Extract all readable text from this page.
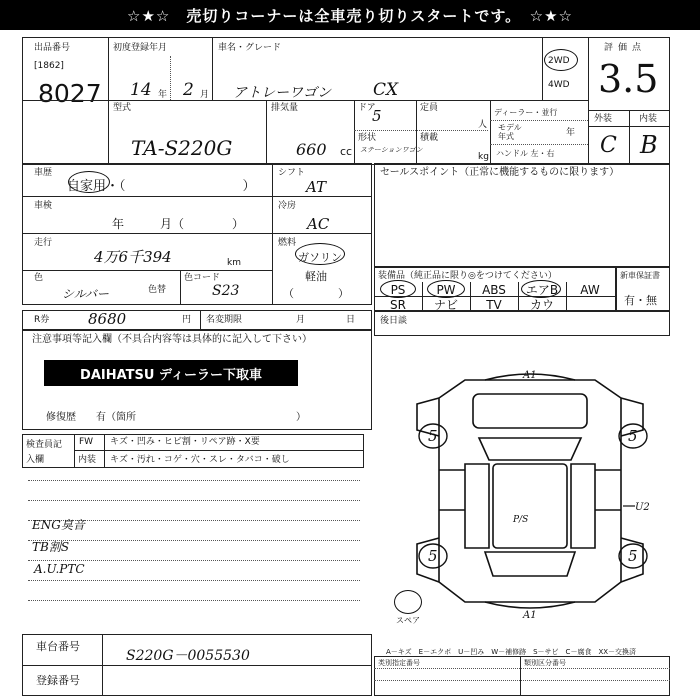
☆★☆　売切りコーナーは全車売り切りスタートです。　☆★☆
出品番号
[1862]
8027 型式
TA-S220G
初度登録年月
14 年 2 月
車名・グレード
アトレーワゴン CX
2WD
4WD
評価点
3.5
外装	内装
C B
排気量
660 cc
ドア
5
形状
ステーションワゴン
定員
人
積載
kg
ディーラー・並行
モデル年式	年
ハンドル 左・右
車歴
自家用・（　　　　　　　　　）
車検
年　　　月（　　　　）
走行
4万6千394	km
色
シルバー	色替
色コード
S23
シフト
AT
冷房
AC
燃料
ガソリン
軽油
（　　　　）
セールスポイント（正常に機能するものに限ります）
装備品（純正品に限り◎をつけてください）
PS	PW	ABS	エアB	AW
SR	ナビ	TV	カウ
新車保証書
有・無
R券	8680	円 名変期限	月	日	後日談
注意事項等記入欄（不具合内容等は具体的に記入して下さい）
DAIHATSU ディーラー下取車
修復歴　　有（箇所　　　　　　　　　　　　　　　　）
検査員記入欄
FW キズ・凹み・ヒビ割・リペア跡・X要
内装 キズ・汚れ・コゲ・穴・スレ・タバコ・破し
ENG臭音
TB割S
A.U.PTC
5	5
5	5
A1
A1
U2
P/S
スペア
A－キズ　E－エクボ　U－凹み　W－補修跡　S－サビ　C－腐食　XX－交換済
类別指定番号	類別区分番号
車台番号
S220G－0055530
登録番号
